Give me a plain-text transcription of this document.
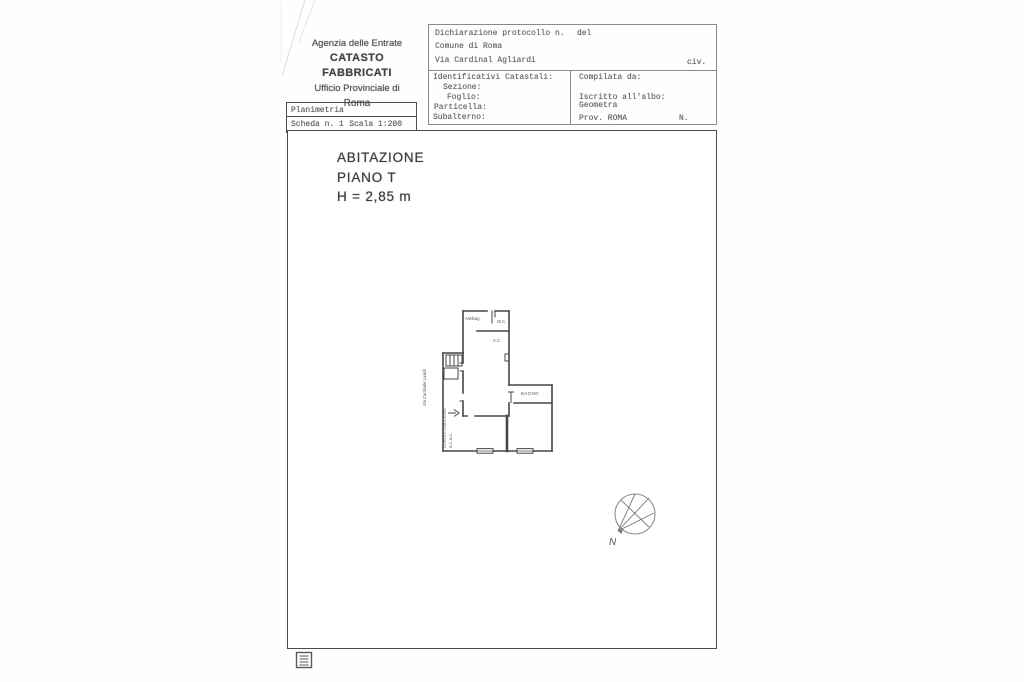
Agenzia delle Entrate
CATASTO FABBRICATI
Ufficio Provinciale di
Roma
Planimetria
Scheda n. 1 Scala 1:200
Dichiarazione protocollo n. del
Comune di Roma
Via Cardinal Agliardi	civ.
Identificativi Catastali:
Sezione:
Foglio:
Particella:
Subalterno:
Compilata da:
Iscritto all'albo:
Geometra
Prov. ROMA	N.
ABITAZIONE
PIANO T
H = 2,85 m
Antibag.
W.C.
A.C.
BAGNO
Via Cardinale Lualdi
CORTILE D'ACCESSO B.C.N.C.
N
